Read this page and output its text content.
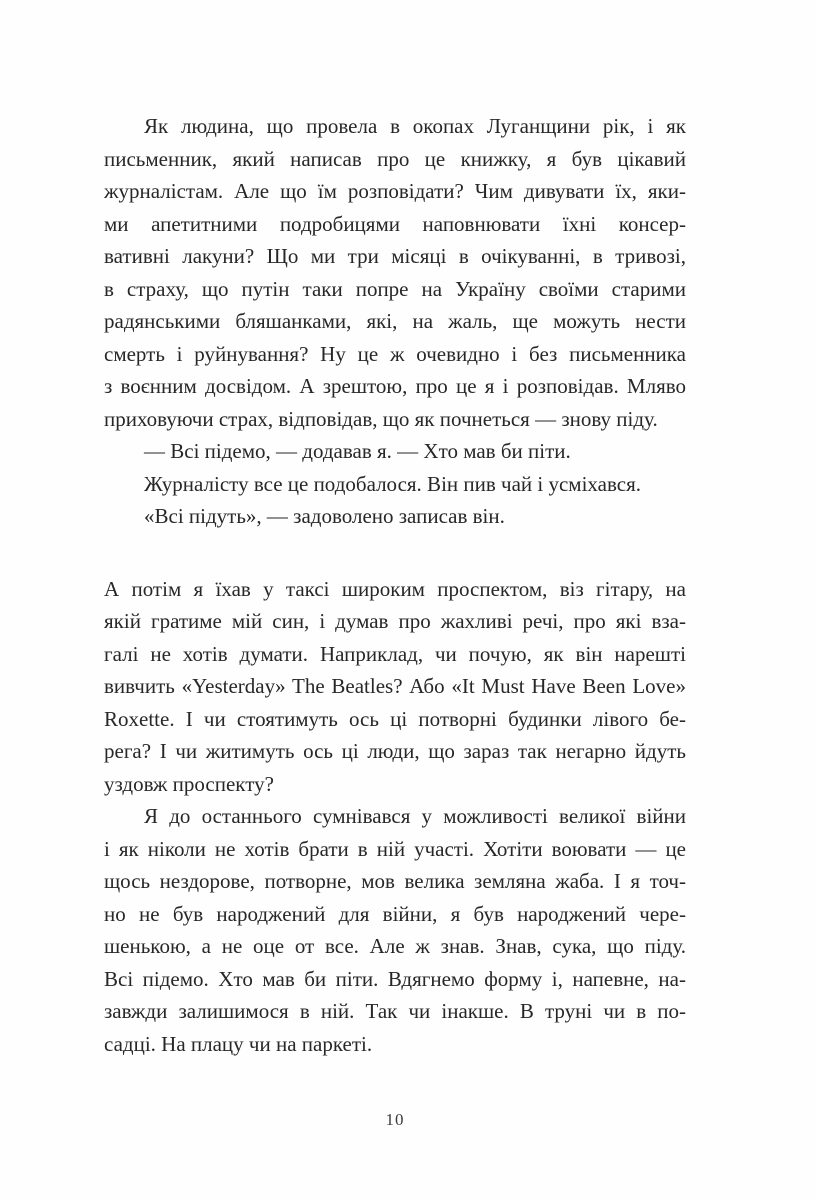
Як людина, що провела в окопах Луганщини рік, і як
письменник, який написав про це книжку, я був цікавий
журналістам. Але що їм розповідати? Чим дивувати їх, яки-
ми апетитними подробицями наповнювати їхні консер-
вативні лакуни? Що ми три місяці в очікуванні, в тривозі,
в страху, що путін таки попре на Україну своїми старими
радянськими бляшанками, які, на жаль, ще можуть нести
смерть і руйнування? Ну це ж очевидно і без письменника
з воєнним досвідом. А зрештою, про це я і розповідав. Мляво
приховуючи страх, відповідав, що як почнеться — знову піду.
— Всі підемо, — додавав я. — Хто мав би піти.
Журналісту все це подобалося. Він пив чай і усміхався.
«Всі підуть», — задоволено записав він.
А потім я їхав у таксі широким проспектом, віз гітару, на
якій гратиме мій син, і думав про жахливі речі, про які вза-
галі не хотів думати. Наприклад, чи почую, як він нарешті
вивчить «Yesterday» The Beatles? Або «It Must Have Been Love»
Roxette. І чи стоятимуть ось ці потворні будинки лівого бе-
рега? І чи житимуть ось ці люди, що зараз так негарно йдуть
уздовж проспекту?
Я до останнього сумнівався у можливості великої війни
і як ніколи не хотів брати в ній участі. Хотіти воювати — це
щось нездорове, потворне, мов велика земляна жаба. І я точ-
но не був народжений для війни, я був народжений чере-
шенькою, а не оце от все. Але ж знав. Знав, сука, що піду.
Всі підемо. Хто мав би піти. Вдягнемо форму і, напевне, на-
завжди залишимося в ній. Так чи інакше. В труні чи в по-
садці. На плацу чи на паркеті.
10
